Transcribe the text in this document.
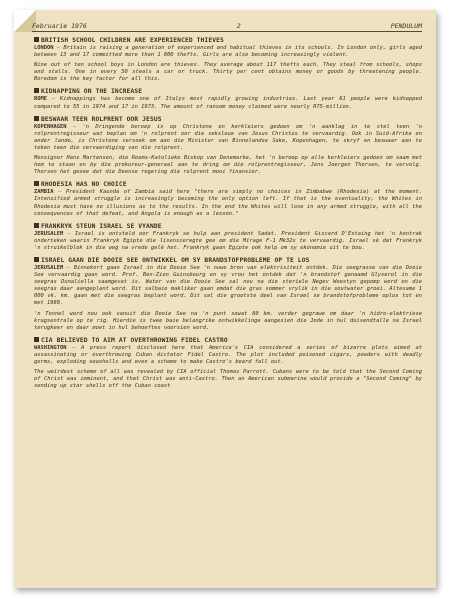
Februarie 1976	2	PENDULUM
BRITISH SCHOOL CHILDREN ARE EXPERIENCED THIEVES

LONDON — Britain is raising a generation of experienced and habitual thieves in its schools. In London only, girls aged between 13 and 17 committed more than 1 800 thefts. Girls are also becoming increasingly violent.

Nine out of ten school boys in London are thieves. They average about 117 thefts each. They steal from schools, shops and stalls. One in every 50 steals a car or truck. Thirty per cent obtains money or goods by threatening people. Boredom is the key factor for all this.

KIDNAPPING ON THE INCREASE

ROME — Kidnappings has become one of Italys most rapidly growing industries. Last year 61 people were kidnapped compared to 55 in 1974 and 17 in 1973. The amount of ransom money claimed were nearly R75-million.

BESWAAR TEEN ROLPRENT OOR JESUS

KOPENHAGEN — 'n Dringende beroep is op Christene en kerkleiers gedoen om 'n aanklag in te stel teen 'n rolprentregisseur wat beplan om 'n rolprent oor die seksleue van Jesus Christus te vervaardig. Ook in Suid-Afrika en ander lande, is Christene versoek om aan die Minister van Binnelandse Sake, Kopenhagen, te skryf en beswaar aan te teken teen die vervaardiging van die rolprent.

Monsignor Hans Martensen, die Rooms-Katolieke Biskop van Denemarke, het 'n beroep op alle kerkleiers gedoen om saam met hom te staan en by die prokureur-generaal aan te dring om die rolprentregisseur, Jens Joergen Thorsen, te vervolg. Thorsen het gesee dat die Deense regering die rolprent mooi finansier.

RHODESIA HAS NO CHOICE

ZAMBIA — President Kaunda of Zambia said here "there are simply no choices in Zimbabwe (Rhodesia) at the moment. Intensified armed struggle is increasingly becoming the only option left. If that is the eventuality, the Whites in Rhodesia must have no illusions as to the results. In the end the Whites will lose in any armed struggle, with all the consequences of that defeat, and Angola is enough as a lesson."

FRANKRYK STEUN ISRAEL SE VYANDE

JERUSALEM — Israel is ontsteld oor Frankryk se hulp aan president Sadat. President Giscard D'Estaing het 'n kontrak onderteken waarin Frankryk Egipte die lisensieregte gee om die Mirage F-1 Mk32s te vervaardig. Israel sê dat Frankryk 'n struikelblok in die weg na vrede gelê het. Frankryk gaan Egipte ook help om sy ekonomie uit te bou.

ISRAEL GAAN DIE DOOIE SEE ONTWIKKEL OM SY BRANDSTOFPROBLEME OP TE LOS

JERUSALEM — Binnekort gaan Israel in die Dooie See 'n nuwe bron van elektrisiteit ontdek. Die seegrasse van die Dooie See vervaardig gaan word. Prof. Ben-Zion Guinsbourg en sy vrou het ontdek dat 'n brandstof genaamd Glyserol in die seegras Dunaliella saamgevat is. Water van die Dooie See sal nou na die steriele Negev Woestyn gepomp word en die seegras daar aangeplant word. Dit salbaie makliker gaan omdat die gras sommer vrylik in die soutwater groei. Altesame 1 000 vk. km. gaan met die seegras beplant word. Dit sal die grootste deel van Israel se brandstofprobleme oplos tot en met 1980.

'n Tonnel word nou ook vanuit die Dooie See na 'n punt sowat 80 km. verder gegrawe om daar 'n hidro-elektriese kragsentrale op te rig. Hierdie is twee baie belangrike ontwikkelinge aangesien die Jode in hul duisendtalle na Israel terugkeer en daar moet in hul behoeftes voorsien word.

CIA BELIEVED TO AIM AT OVERTHROWING FIDEL CASTRO

WASHINGTON — A press report disclosed here that America's CIA considered a series of bizarre plots aimed at assassinating or overthrowing Cuban dictator Fidel Castro. The plot included poisoned cigars, powders with deadly germs, exploding seashells and even a scheme to make Castro's beard fall out.

The weirdest scheme of all was revealed by CIA official Thomas Parrott. Cubans were to be told that the Second Coming of Christ was imminent, and that Christ was anti-Castro. Then an American submarine would provide a "Second Coming" by sending up star shells off the Cuban coast
